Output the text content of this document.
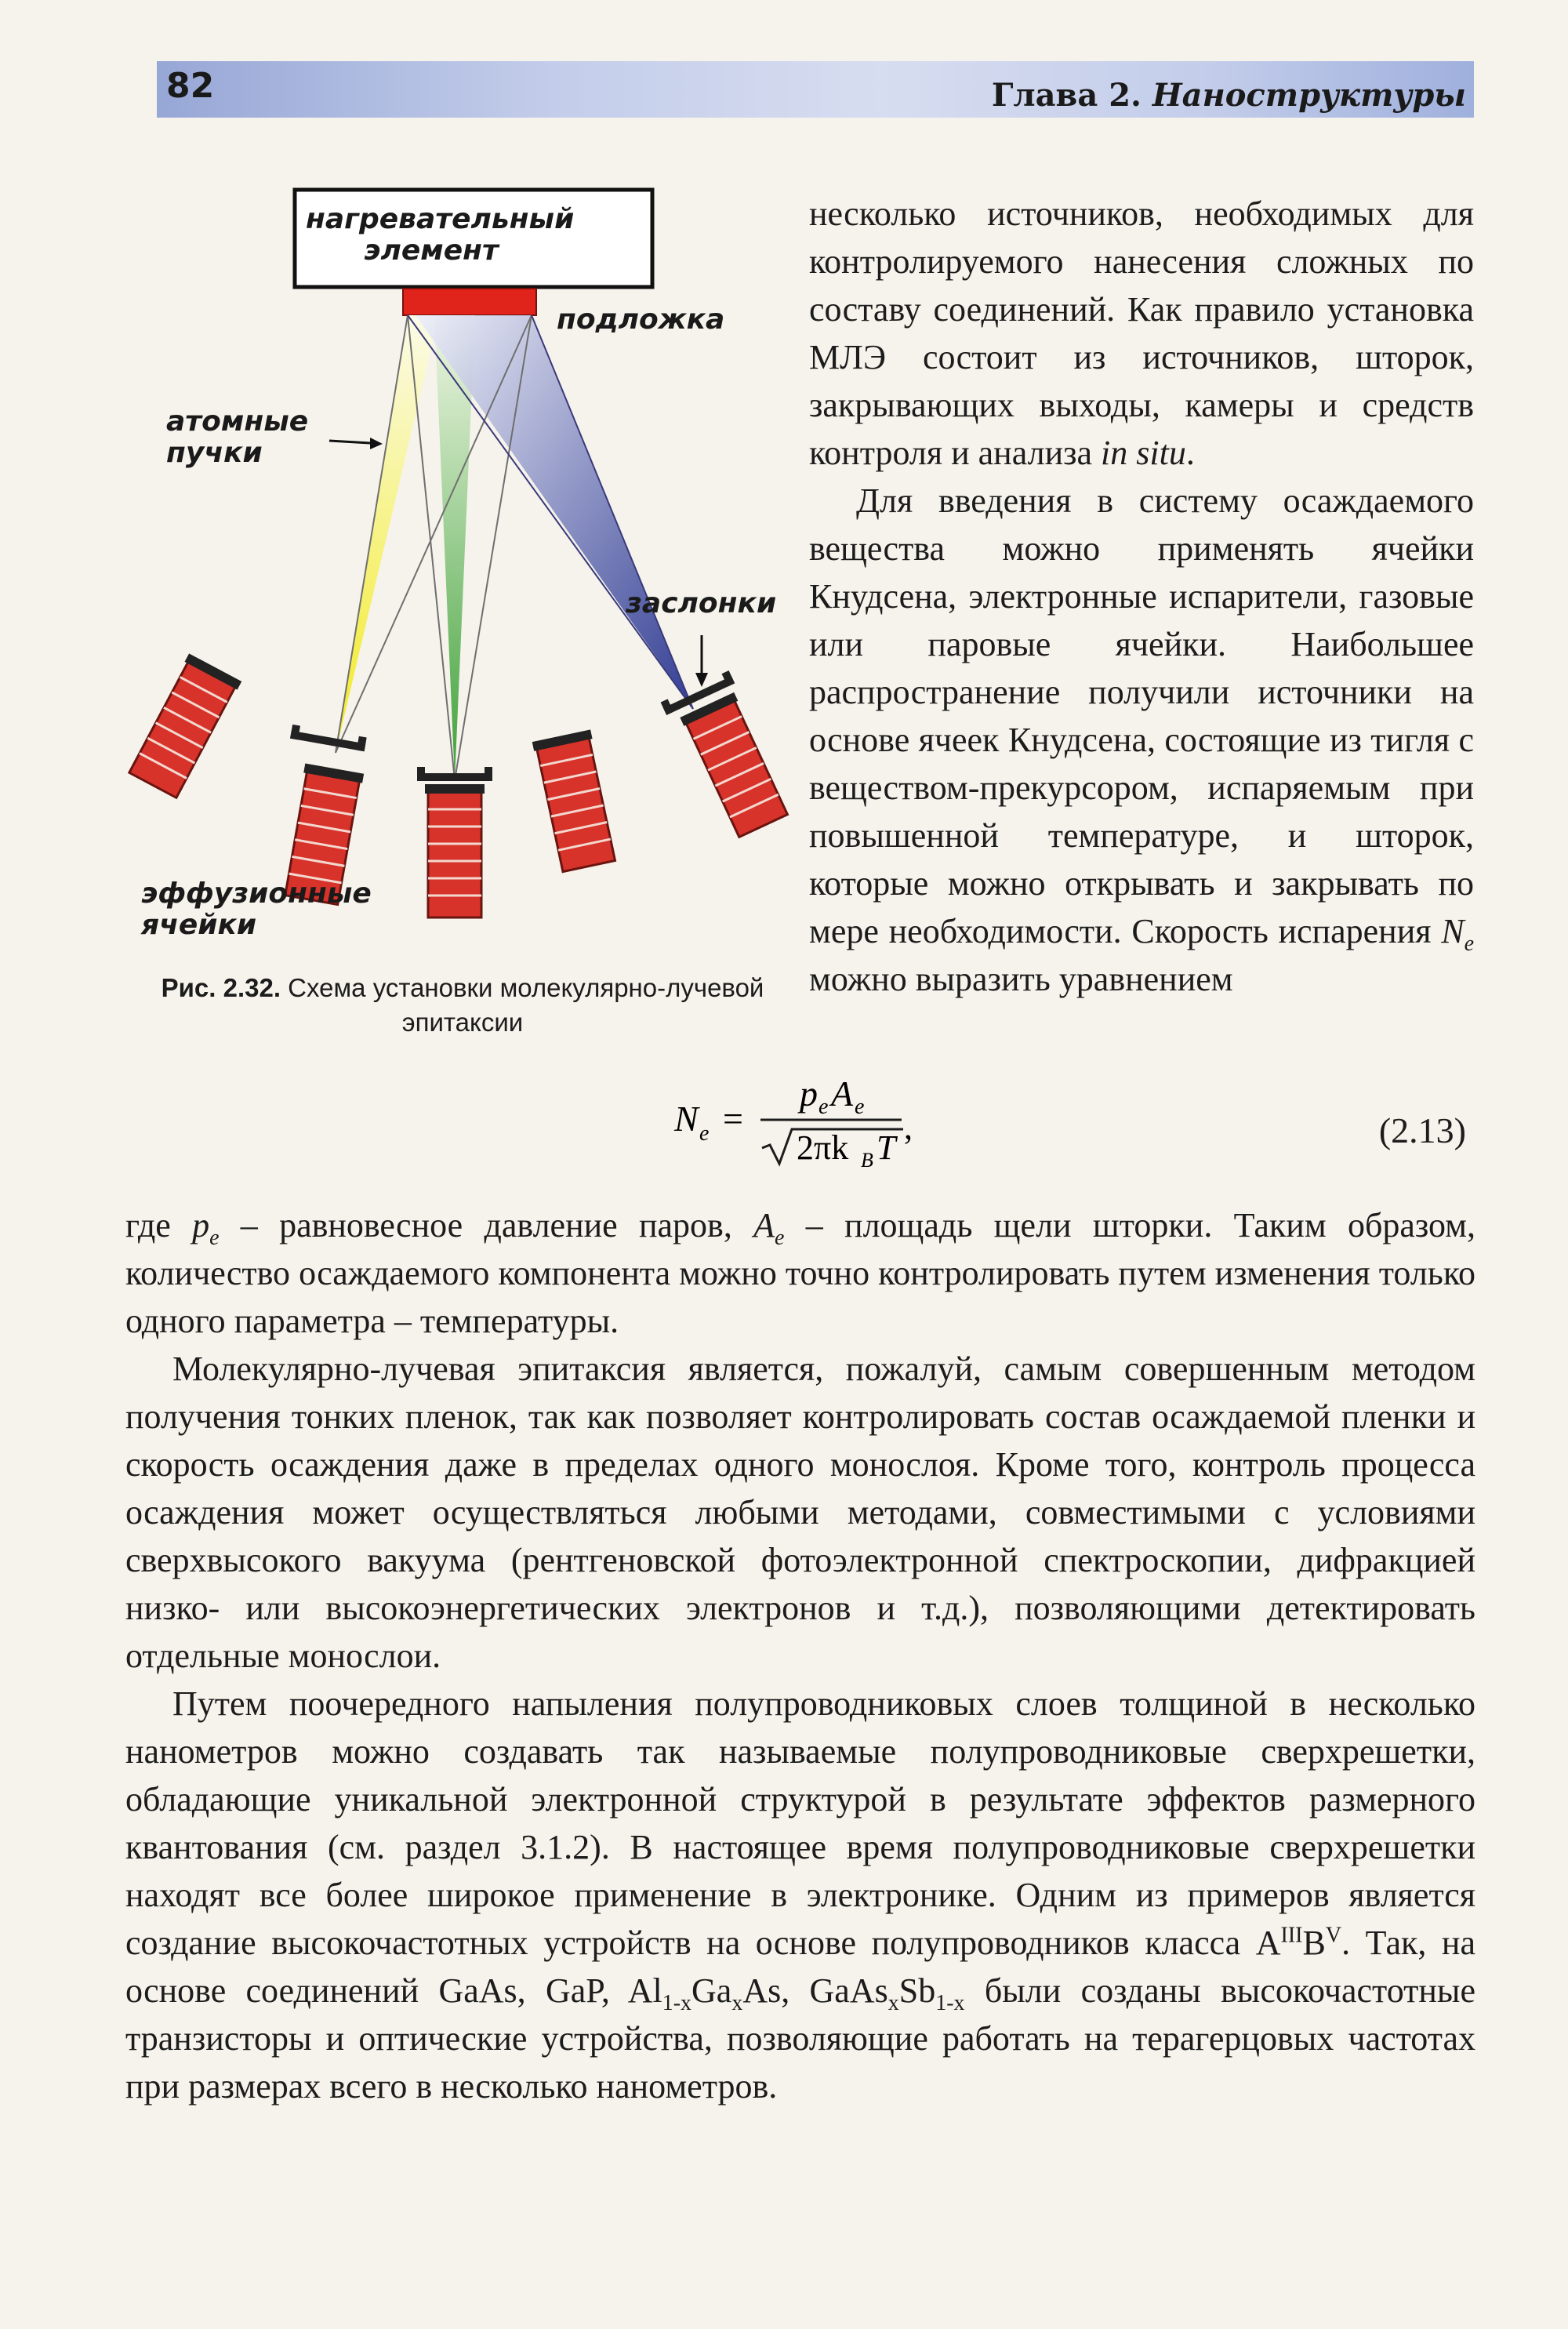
82	Глава 2. Наноструктуры
нагревательный элемент
подложка
атомные пучки
заслонки
эффузионные ячейки
Рис. 2.32. Схема установки молекулярно-лучевой эпитаксии

несколько источников, необходимых для контролируемого нанесения сложных по составу соединений. Как правило установка МЛЭ состоит из источников, шторок, закрывающих выходы, камеры и средств контроля и анализа in situ.

Для введения в систему осаждаемого вещества можно применять ячейки Кнудсена, электронные испарители, газовые или паровые ячейки. Наибольшее распространение получили источники на основе ячеек Кнудсена, состоящие из тигля с веществом-прекурсором, испаряемым при повышенной температуре, и шторок, которые можно открывать и закрывать по мере необходимости. Скорость испарения $N_e$ можно выразить уравнением

N e =
p e A e
2πk B T
,	(2.13)

где $p_e$ – равновесное давление паров, $A_e$ – площадь щели шторки. Таким образом, количество осаждаемого компонента можно точно контролировать путем изменения только одного параметра – температуры.

Молекулярно-лучевая эпитаксия является, пожалуй, самым совершенным методом получения тонких пленок, так как позволяет контролировать состав осаждаемой пленки и скорость осаждения даже в пределах одного монослоя. Кроме того, контроль процесса осаждения может осуществляться любыми методами, совместимыми с условиями сверхвысокого вакуума (рентгеновской фотоэлектронной спектроскопии, дифракцией низко- или высокоэнергетических электронов и т.д.), позволяющими детектировать отдельные монослои.

Путем поочередного напыления полупроводниковых слоев толщиной в несколько нанометров можно создавать так называемые полупроводниковые сверхрешетки, обладающие уникальной электронной структурой в результате эффектов размерного квантования (см. раздел 3.1.2). В настоящее время полупроводниковые сверхрешетки находят все более широкое применение в электронике. Одним из примеров является создание высокочастотных устройств на основе полупроводников класса $A^{III}B^V$. Так, на основе соединений GaAs, GaP, $Al_{1-x}Ga_xAs$, $GaAs_xSb_{1-x}$ были созданы высокочастотные транзисторы и оптические устройства, позволяющие работать на терагерцовых частотах при размерах всего в несколько нанометров.
